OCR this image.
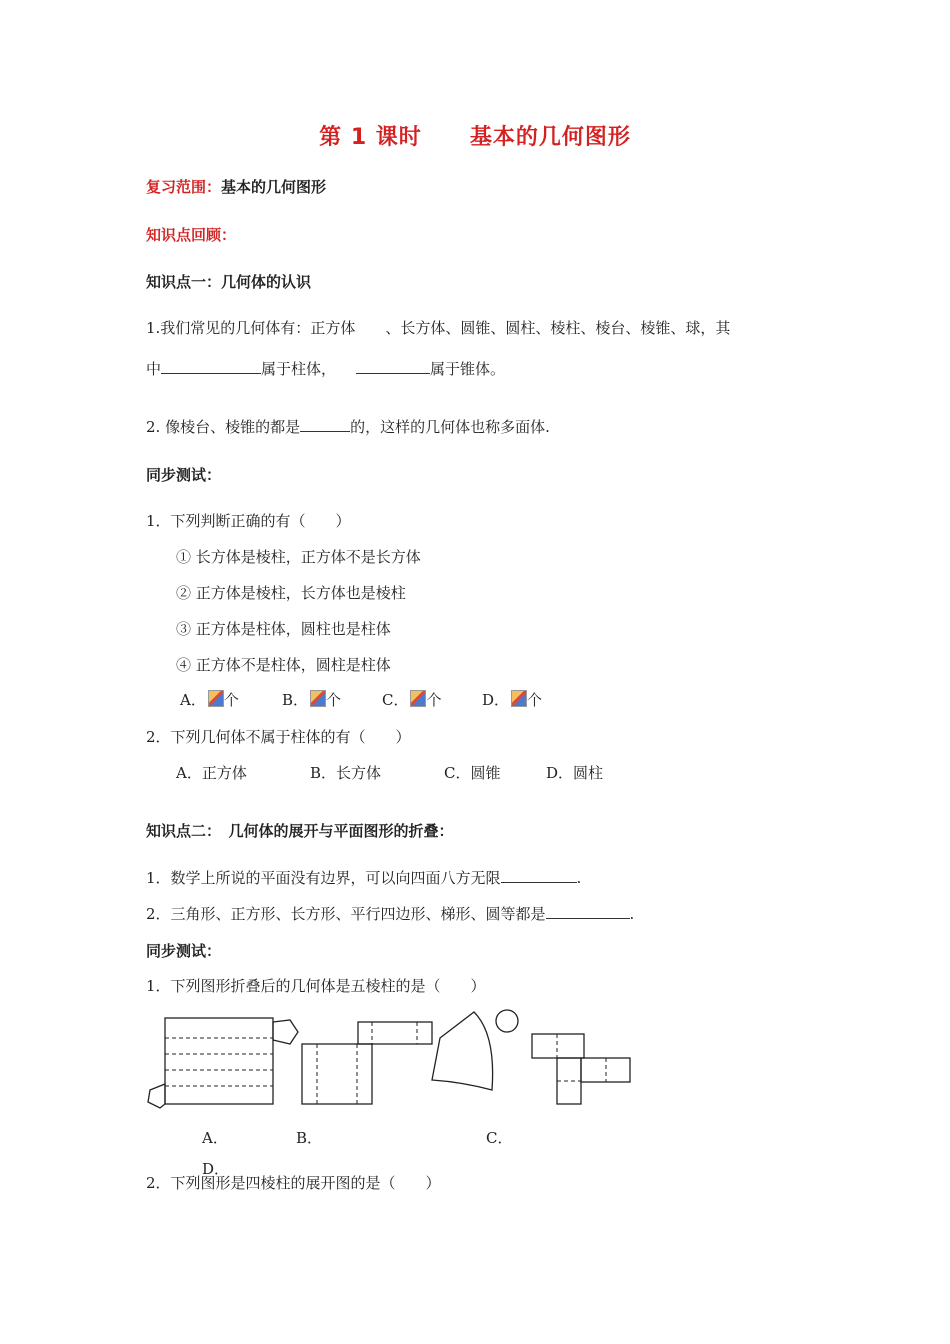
第 1 课时 基本的几何图形
复习范围：基本的几何图形
知识点回顾：
知识点一：几何体的认识
1.我们常见的几何体有：正方体　　、长方体、圆锥、圆柱、棱柱、棱台、棱锥、球，其
中	属于柱体，	属于锥体。
2. 像棱台、棱锥的都是	的，这样的几何体也称多面体.
同步测试：
1．下列判断正确的有（　　）
① 长方体是棱柱，正方体不是长方体
② 正方体是棱柱，长方体也是棱柱
③ 正方体是柱体，圆柱也是柱体
④ 正方体不是柱体，圆柱是柱体
A． 个	B． 个	C． 个	D． 个
2．下列几何体不属于柱体的有（　　）
A．正方体	B．长方体	C．圆锥	D．圆柱
知识点二：　几何体的展开与平面图形的折叠：
1．数学上所说的平面没有边界，可以向四面八方无限	.
2．三角形、正方形、长方形、平行四边形、梯形、圆等都是	.
同步测试：
1．下列图形折叠后的几何体是五棱柱的是（　　）
A．	B．	C．
D．
2．下列图形是四棱柱的展开图的是（　　）
